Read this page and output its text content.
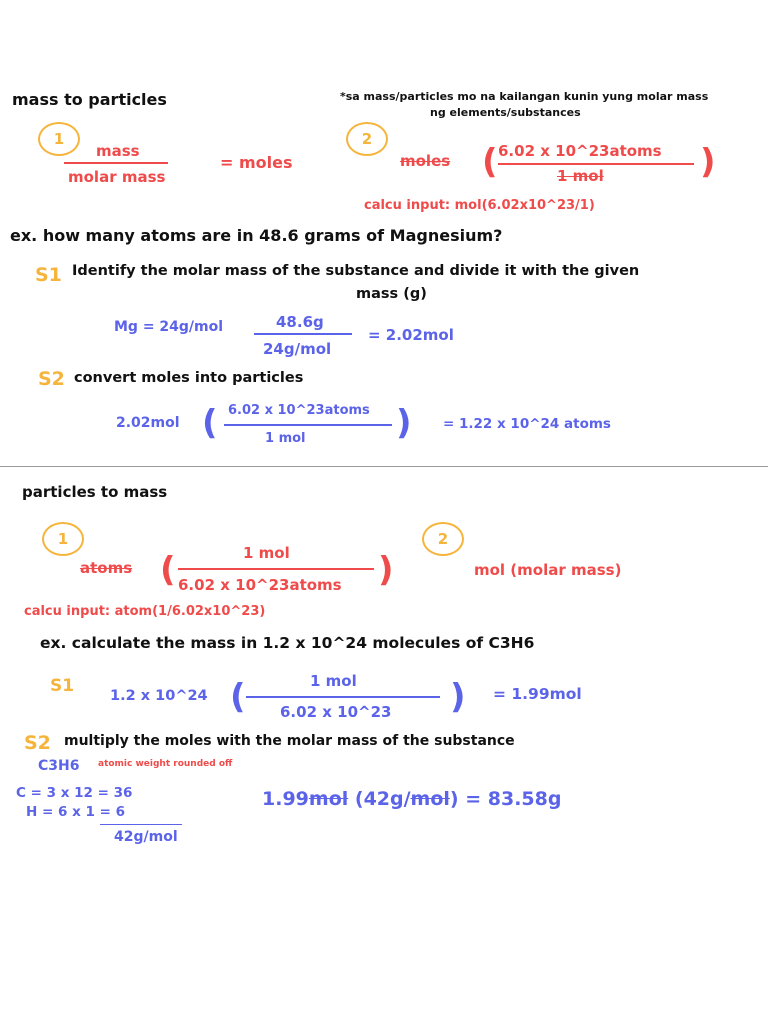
mass to particles	*sa mass/particles mo na kailangan kunin yung molar mass
ng elements/substances
1
mass
molar mass
= moles
2
moles ( 6.02 x 10^23atoms
1 mol	)
calcu input: mol(6.02x10^23/1)
ex. how many atoms are in 48.6 grams of Magnesium?
S1 Identify the molar mass of the substance and divide it with the given
mass (g)
Mg = 24g/mol	48.6g
24g/mol
= 2.02mol
S2 convert moles into particles
2.02mol ( 6.02 x 10^23atoms
1 mol	) = 1.22 x 10^24 atoms
particles to mass
1
atoms (	1 mol
6.02 x 10^23atoms )
2
mol (molar mass)
calcu input: atom(1/6.02x10^23)
ex. calculate the mass in 1.2 x 10^24 molecules of C3H6
S1 1.2 x 10^24 (	1 mol
6.02 x 10^23 ) = 1.99mol
S2 multiply the moles with the molar mass of the substance
C3H6 atomic weight rounded off
C = 3 x 12 = 36
H = 6 x 1 = 6
42g/mol
1.99mol (42g/mol) = 83.58g
